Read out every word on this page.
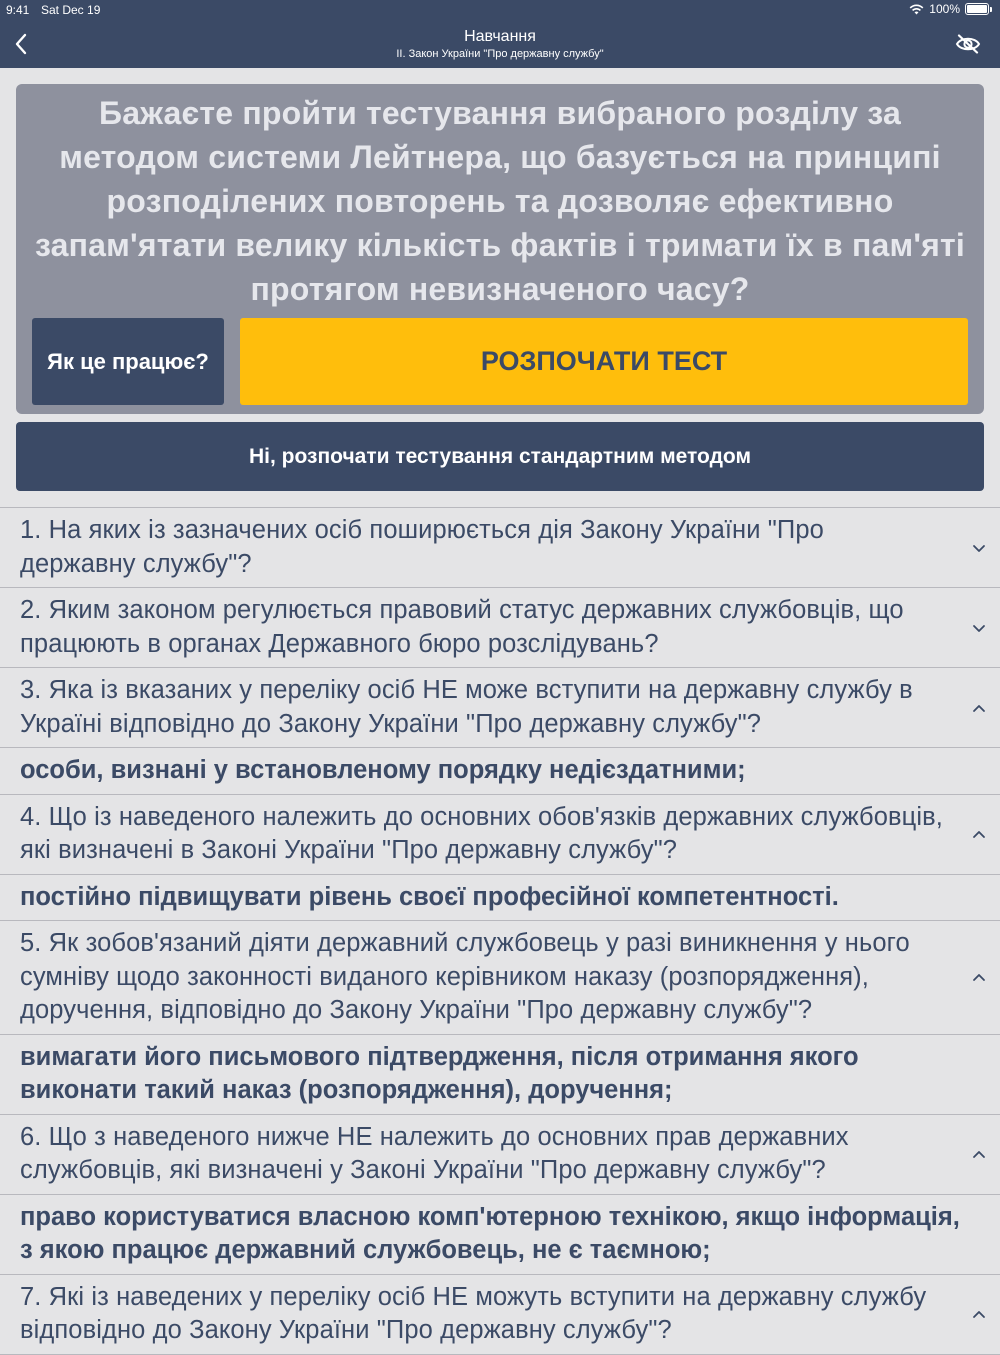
9:41 Sat Dec 19	100%
Навчання
II. Закон України "Про державну службу"
Бажаєте пройти тестування вибраного розділу за методом системи Лейтнера, що базується на принципі розподілених повторень та дозволяє ефективно запам'ятати велику кількість фактів і тримати їх в пам'яті протягом невизначеного часу?
Як це працює?	РОЗПОЧАТИ ТЕСТ
Ні, розпочати тестування стандартним методом
1. На яких із зазначених осіб поширюється дія Закону України "Про державну службу"?
2. Яким законом регулюється правовий статус державних службовців, що працюють в органах Державного бюро розслідувань?
3. Яка із вказаних у переліку осіб НЕ може вступити на державну службу в Україні відповідно до Закону України "Про державну службу"?
особи, визнані у встановленому порядку недієздатними;
4. Що із наведеного належить до основних обов'язків державних службовців, які визначені в Законі України "Про державну службу"?
постійно підвищувати рівень своєї професійної компетентності.
5. Як зобов'язаний діяти державний службовець у разі виникнення у нього сумніву щодо законності виданого керівником наказу (розпорядження), доручення, відповідно до Закону України "Про державну службу"?
вимагати його письмового підтвердження, після отримання якого виконати такий наказ (розпорядження), доручення;
6. Що з наведеного нижче НЕ належить до основних прав державних службовців, які визначені у Законі України "Про державну службу"?
право користуватися власною комп'ютерною технікою, якщо інформація, з якою працює державний службовець, не є таємною;
7. Які із наведених у переліку осіб НЕ можуть вступити на державну службу відповідно до Закону України "Про державну службу"?
